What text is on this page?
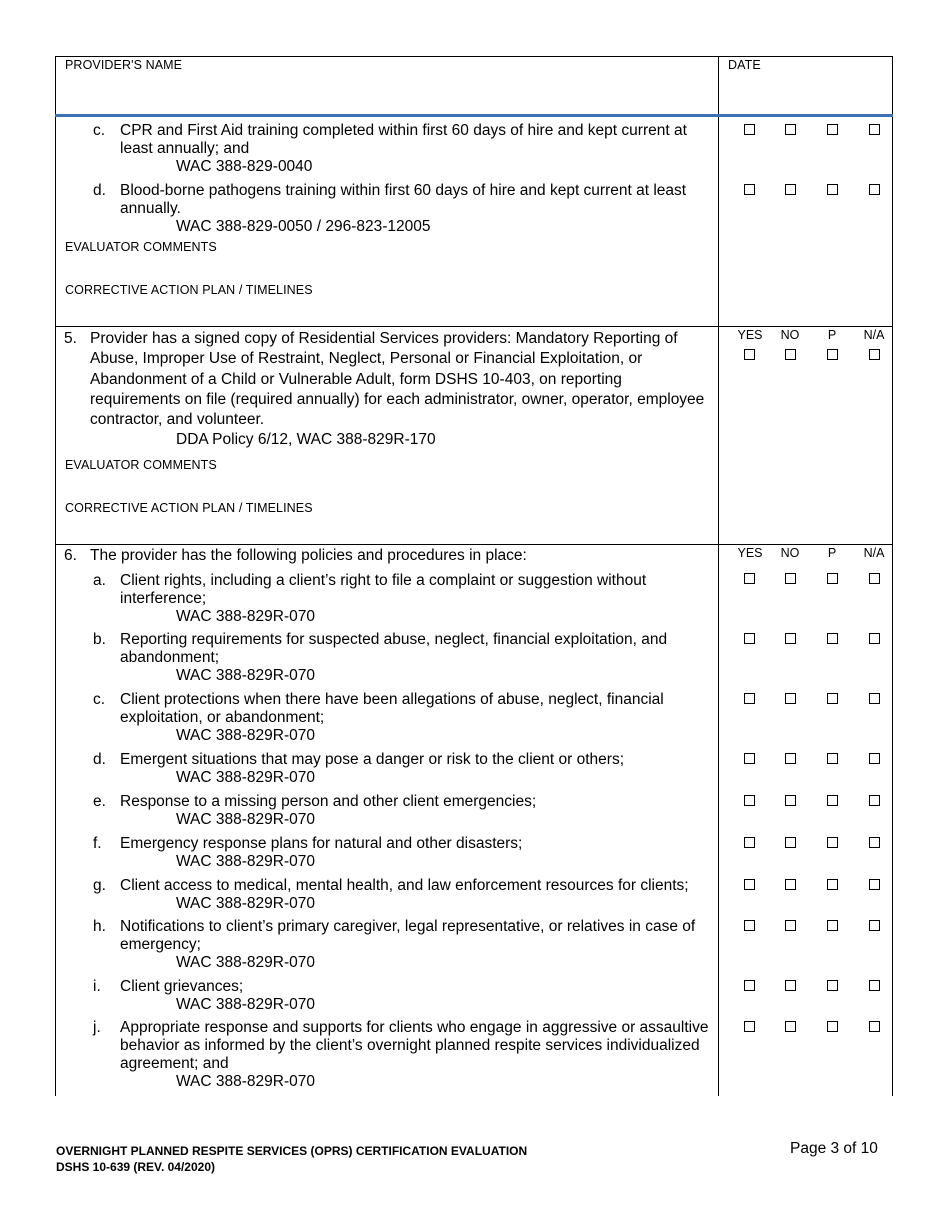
PROVIDER'S NAME	DATE
c. CPR and First Aid training completed within first 60 days of hire and kept current at least annually; and
WAC 388-829-0040
d. Blood-borne pathogens training within first 60 days of hire and kept current at least annually.
WAC 388-829-0050 / 296-823-12005
EVALUATOR COMMENTS
CORRECTIVE ACTION PLAN / TIMELINES
5. Provider has a signed copy of Residential Services providers: Mandatory Reporting of Abuse, Improper Use of Restraint, Neglect, Personal or Financial Exploitation, or Abandonment of a Child or Vulnerable Adult, form DSHS 10-403, on reporting requirements on file (required annually) for each administrator, owner, operator, employee contractor, and volunteer.
DDA Policy 6/12, WAC 388-829R-170
YES	NO	P	N/A
EVALUATOR COMMENTS
CORRECTIVE ACTION PLAN / TIMELINES
6. The provider has the following policies and procedures in place:	YES	NO	P	N/A
a. Client rights, including a client’s right to file a complaint or suggestion without interference;
WAC 388-829R-070
b. Reporting requirements for suspected abuse, neglect, financial exploitation, and abandonment;
WAC 388-829R-070
c. Client protections when there have been allegations of abuse, neglect, financial exploitation, or abandonment;
WAC 388-829R-070
d. Emergent situations that may pose a danger or risk to the client or others;
WAC 388-829R-070
e. Response to a missing person and other client emergencies;
WAC 388-829R-070
f. Emergency response plans for natural and other disasters;
WAC 388-829R-070
g. Client access to medical, mental health, and law enforcement resources for clients;
WAC 388-829R-070
h. Notifications to client’s primary caregiver, legal representative, or relatives in case of emergency;
WAC 388-829R-070
i. Client grievances;
WAC 388-829R-070
j. Appropriate response and supports for clients who engage in aggressive or assaultive behavior as informed by the client’s overnight planned respite services individualized agreement; and
WAC 388-829R-070
OVERNIGHT PLANNED RESPITE SERVICES (OPRS) CERTIFICATION EVALUATION
DSHS 10-639 (REV. 04/2020)
Page 3 of 10
